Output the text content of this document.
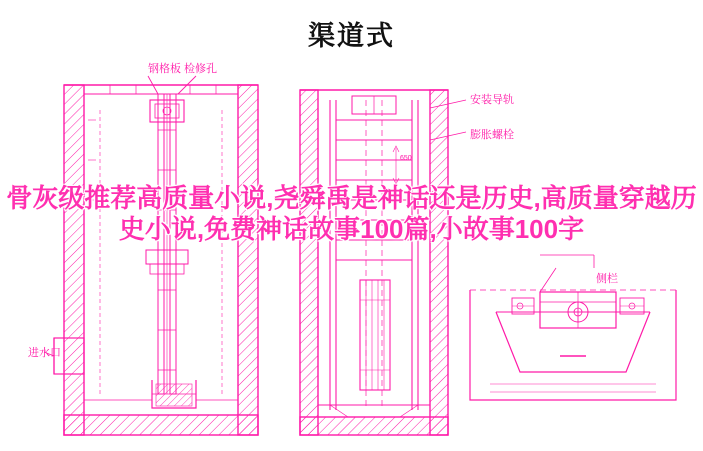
650
钢格板 检修孔
安装导轨
膨胀螺栓
进水口
侧栏
渠道式
骨灰级推荐高质量小说,尧舜禹是神话还是历史,高质量穿越历史小说,免费神话故事100篇,小故事100字
